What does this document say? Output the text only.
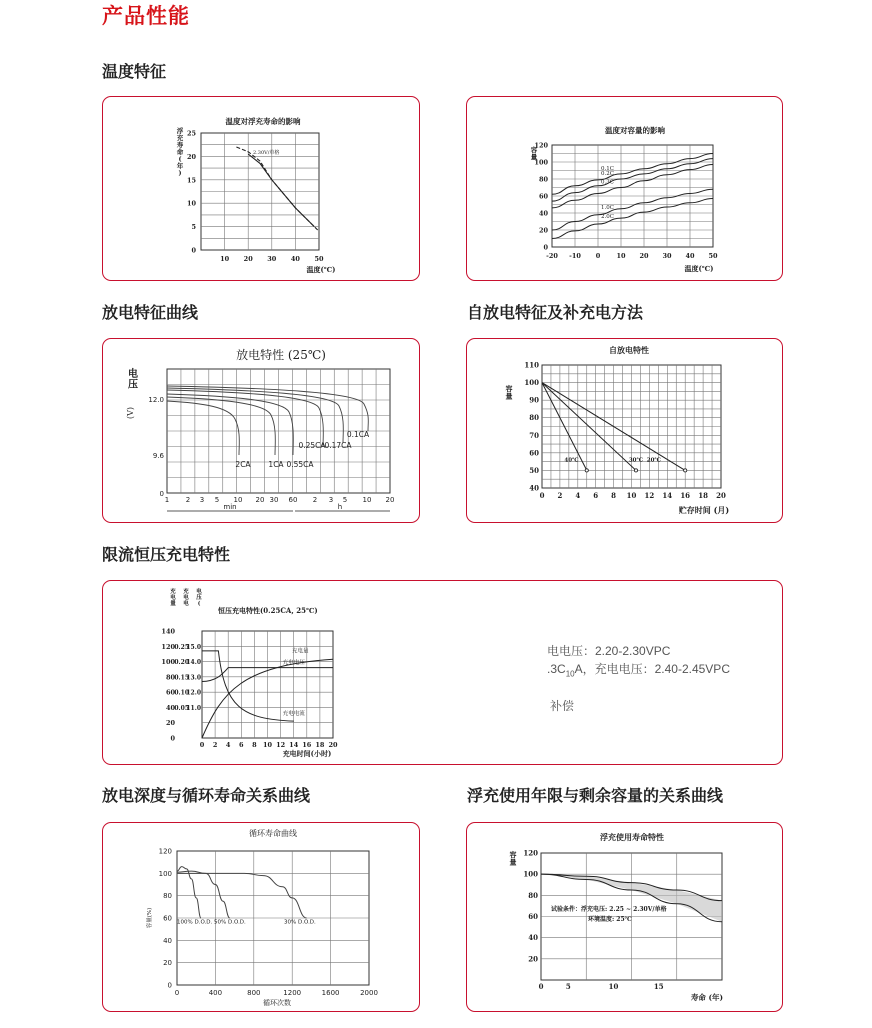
产品性能
温度特征
放电特征曲线	自放电特征及补充电方法
限流恒压充电特性
放电深度与循环寿命关系曲线	浮充使用年限与剩余容量的关系曲线
温度对浮充寿命的影响
0
5
10
15
20
25
10 20 30 40 50
浮
充
寿
命
(
年
)
温度(℃)
2.30V/单格
温度对容量的影响
0
20
40
60
80
100
120
-20 -10 0 10 20 30 40 50
容
量
温度(℃)
0.1C
0.2C
0.3C
1.0C
2.0C
放电特性 (25℃)
0
9.6
12.0
电
压
(V)
1 2 3 5 10 20 30 60 2 3 5 10 20
min	h
2CA 1CA 0.55CA
0.25CA
0.17CA
0.1CA
自放电特性
40
50
60
70
80
90
100
110
0 2 4 6 8 10 12 14 16 18 20
容
量
贮存时间 (月)
40℃	30℃ 20℃
恒压充电特性(0.25CA, 25℃)
0
20
40
60
80
100
120
140
0.05
0.10
0.15
0.20
0.25
11.0
12.0
13.0
14.0
15.0
0 2 4 6 8 10 12 14 16 18 20
充电时间(小时)
充
电
量
充
电
电
电
压
(
充电量
充电电压
充电电流
电电压：2.20-2.30VPC
$.3C_{10}A$，充电电压：2.40-2.45VPC
补偿
循环寿命曲线
0
20
40
60
80
100
120
0	400	800	1200	1600	2000
容量(%)
循环次数
100% D.O.D. 50% D.O.D.	30% D.O.D.
浮充使用寿命特性
20
40
60
80
100
120
0	5	10	15
容
量
寿命 (年)
试验条件：浮充电压: 2.25 ~ 2.30V/单格
环境温度: 25℃
